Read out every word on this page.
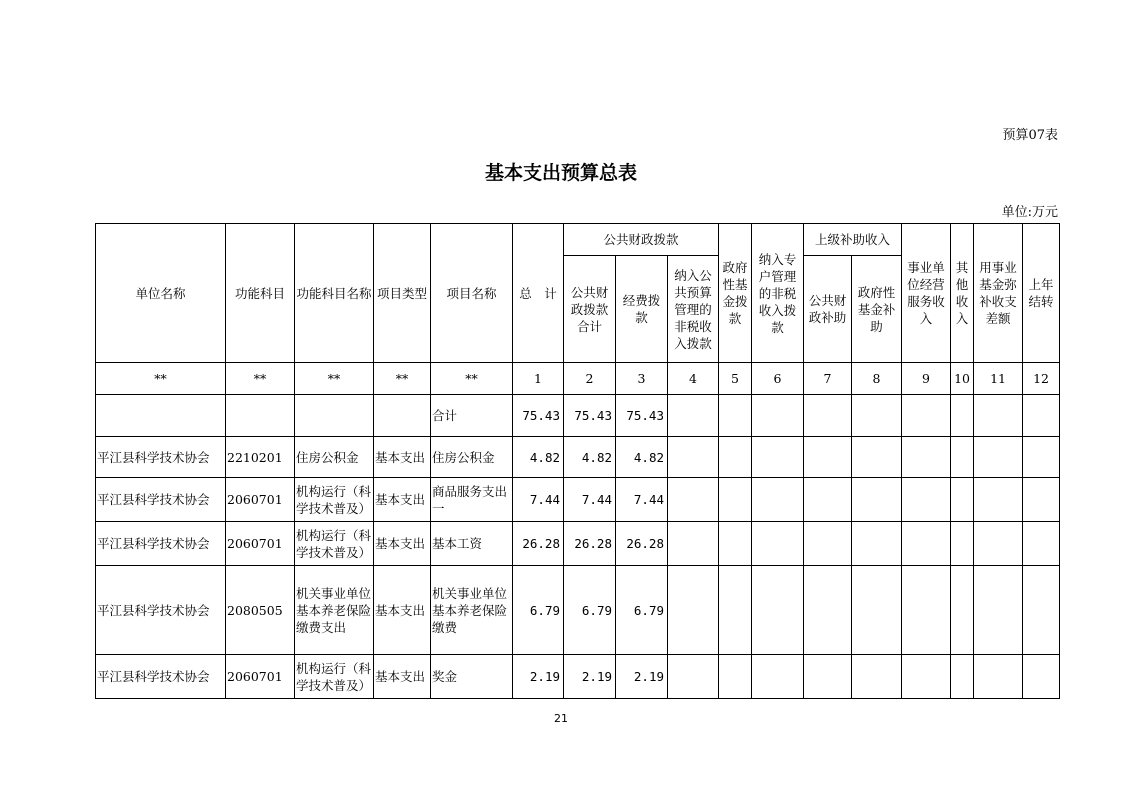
预算07表
基本支出预算总表
单位:万元
单位名称	功能科目	功能科目名称	项目类型	项目名称	总　计	公共财政拨款			政府性基金拨款	纳入专户管理的非税收入拨款	上级补助收入		事业单位经营服务收入	其他收入	用事业基金弥补收支差额	上年结转
						公共财政拨款合计	经费拨款	纳入公共预算管理的非税收入拨款			公共财政补助	政府性基金补助				
**	**	**	**	**	1	2	3	4	5	6	7	8	9	10	11	12
				合计	75.43	75.43	75.43									
平江县科学技术协会	2210201	住房公积金	基本支出	住房公积金	4.82	4.82	4.82									
平江县科学技术协会	2060701	机构运行（科学技术普及）	基本支出	商品服务支出一	7.44	7.44	7.44									
平江县科学技术协会	2060701	机构运行（科学技术普及）	基本支出	基本工资	26.28	26.28	26.28									
平江县科学技术协会	2080505	机关事业单位基本养老保险缴费支出	基本支出	机关事业单位基本养老保险缴费	6.79	6.79	6.79									
平江县科学技术协会	2060701	机构运行（科学技术普及）	基本支出	奖金	2.19	2.19	2.19									
21
